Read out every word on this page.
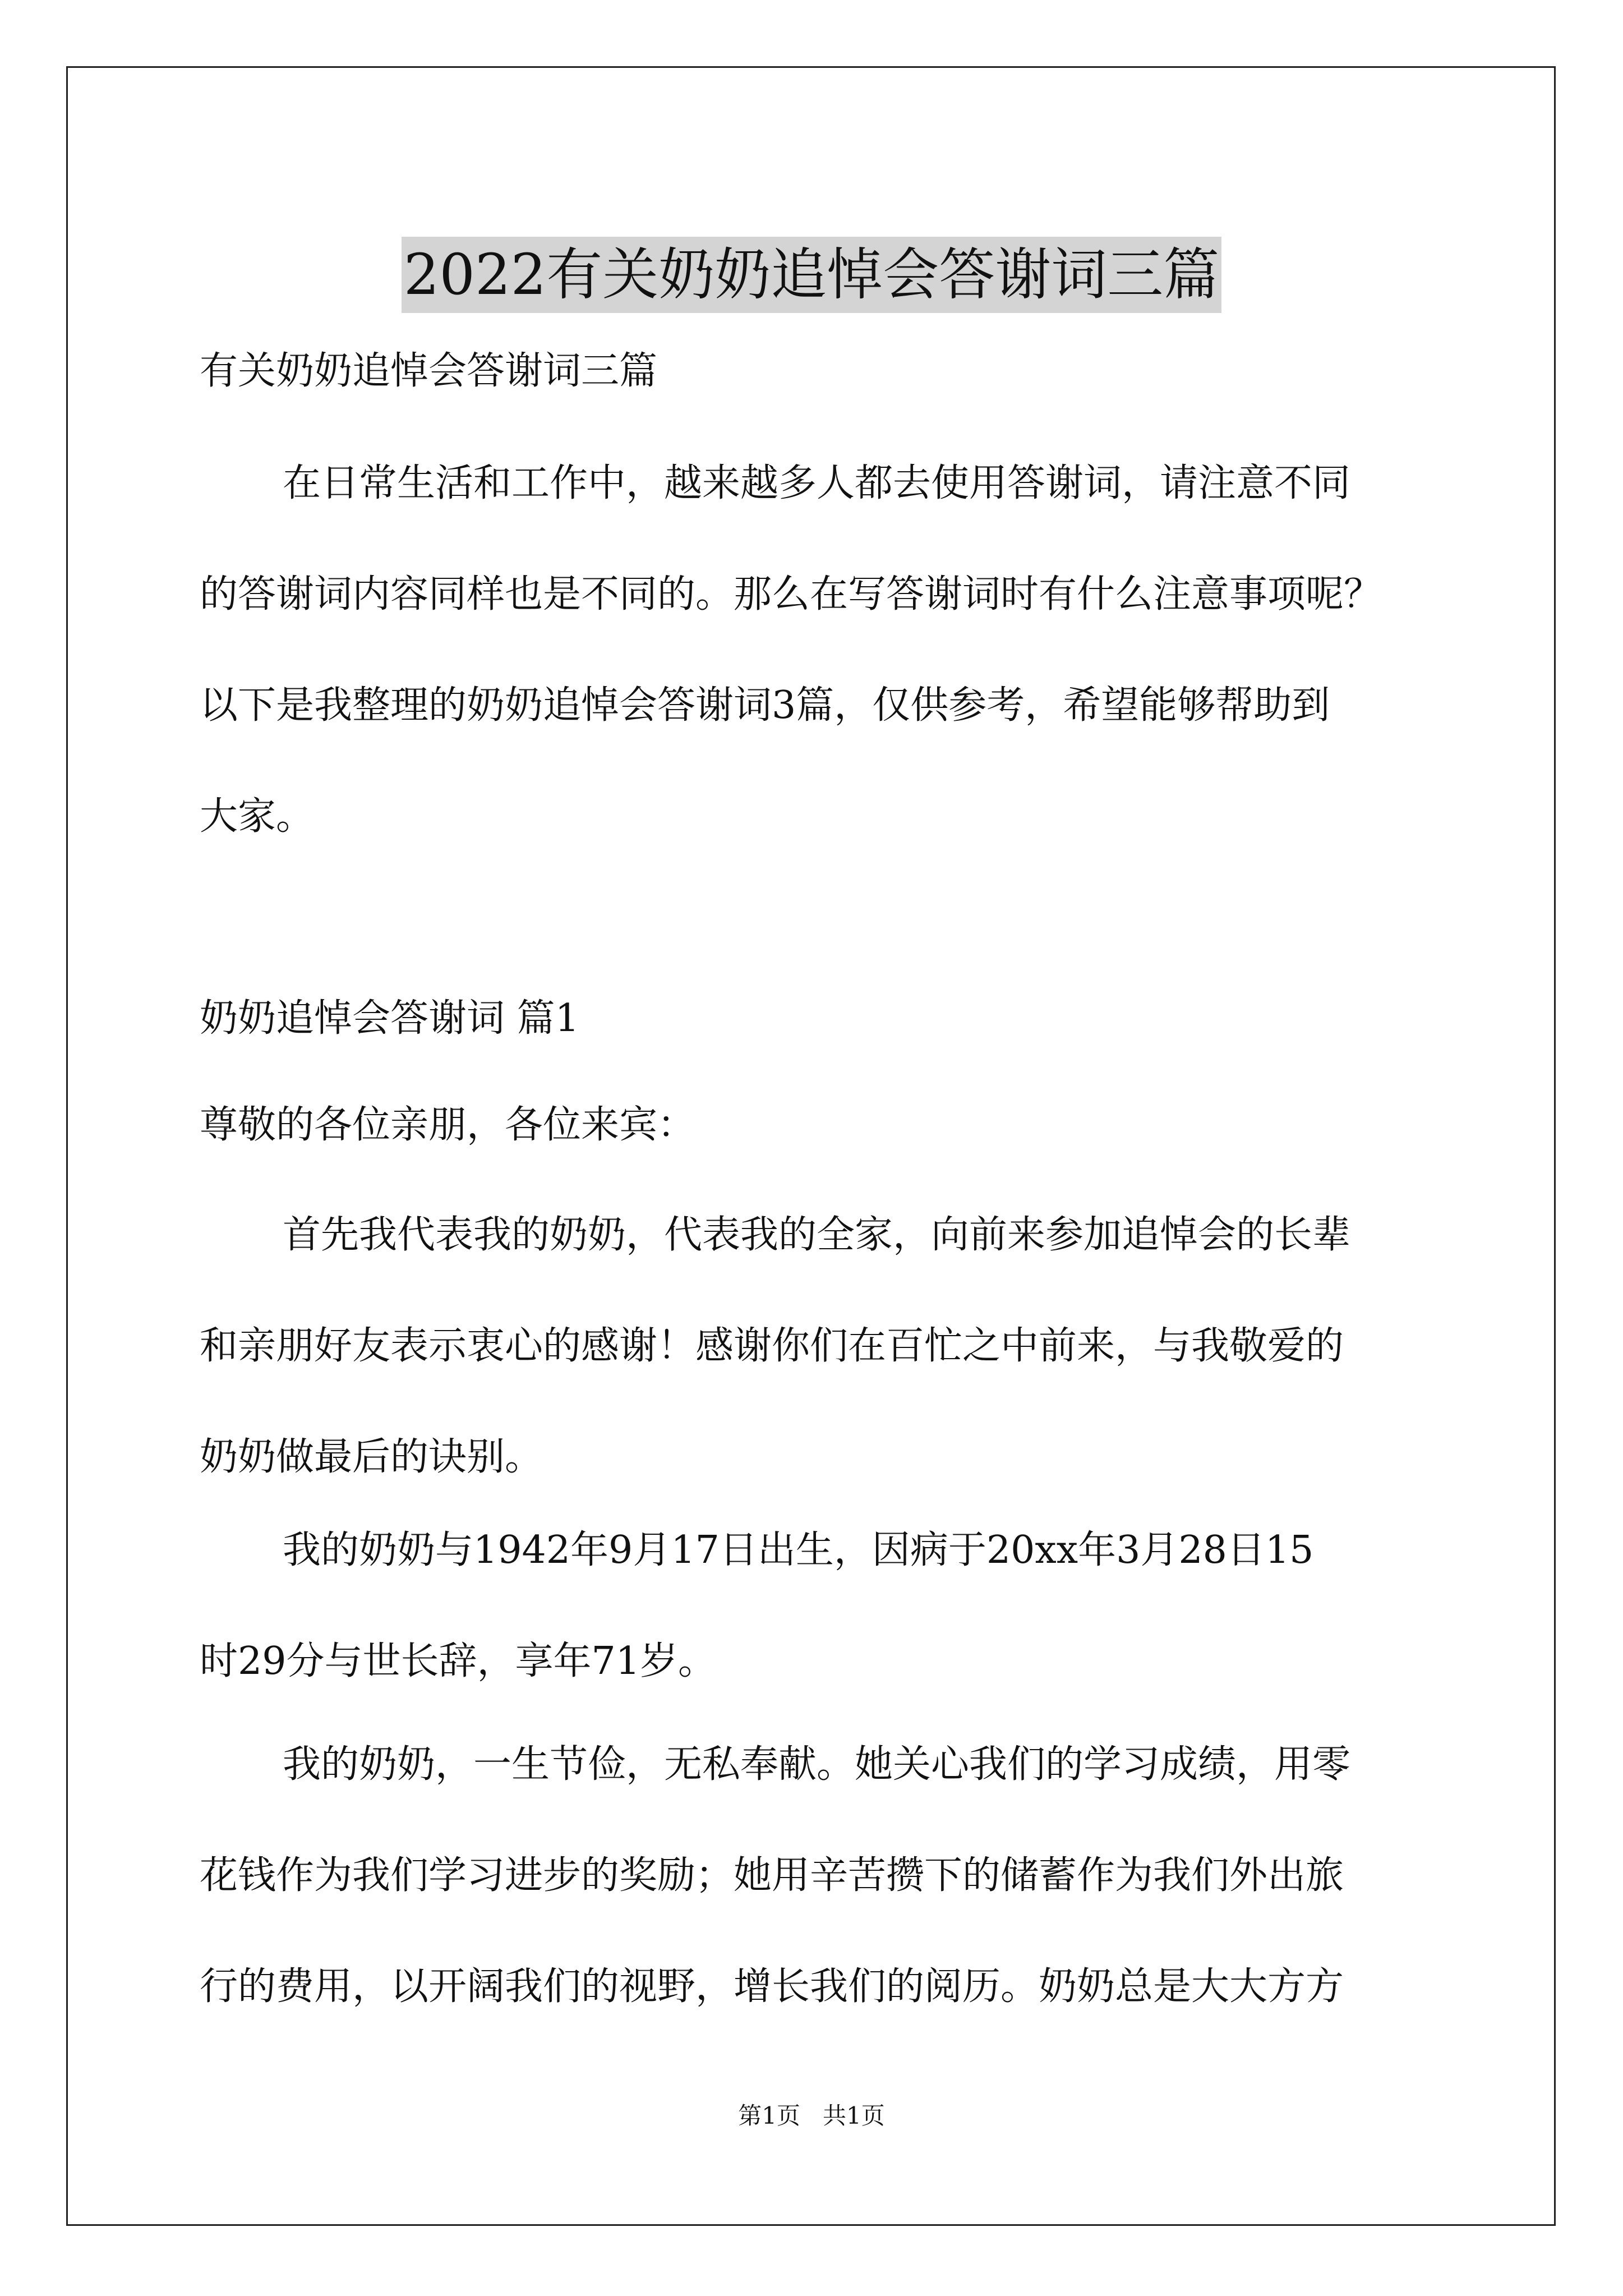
2022有关奶奶追悼会答谢词三篇

有关奶奶追悼会答谢词三篇

在日常生活和工作中，越来越多人都去使用答谢词，请注意不同
的答谢词内容同样也是不同的。那么在写答谢词时有什么注意事项呢？
以下是我整理的奶奶追悼会答谢词3篇，仅供参考，希望能够帮助到
大家。

奶奶追悼会答谢词 篇1

尊敬的各位亲朋，各位来宾：

首先我代表我的奶奶，代表我的全家，向前来参加追悼会的长辈
和亲朋好友表示衷心的感谢！感谢你们在百忙之中前来，与我敬爱的
奶奶做最后的诀别。
我的奶奶与1942年9月17日出生，因病于20xx年3月28日15
时29分与世长辞，享年71岁。
我的奶奶，一生节俭，无私奉献。她关心我们的学习成绩，用零
花钱作为我们学习进步的奖励；她用辛苦攒下的储蓄作为我们外出旅
行的费用，以开阔我们的视野，增长我们的阅历。奶奶总是大大方方
第1页   共1页
